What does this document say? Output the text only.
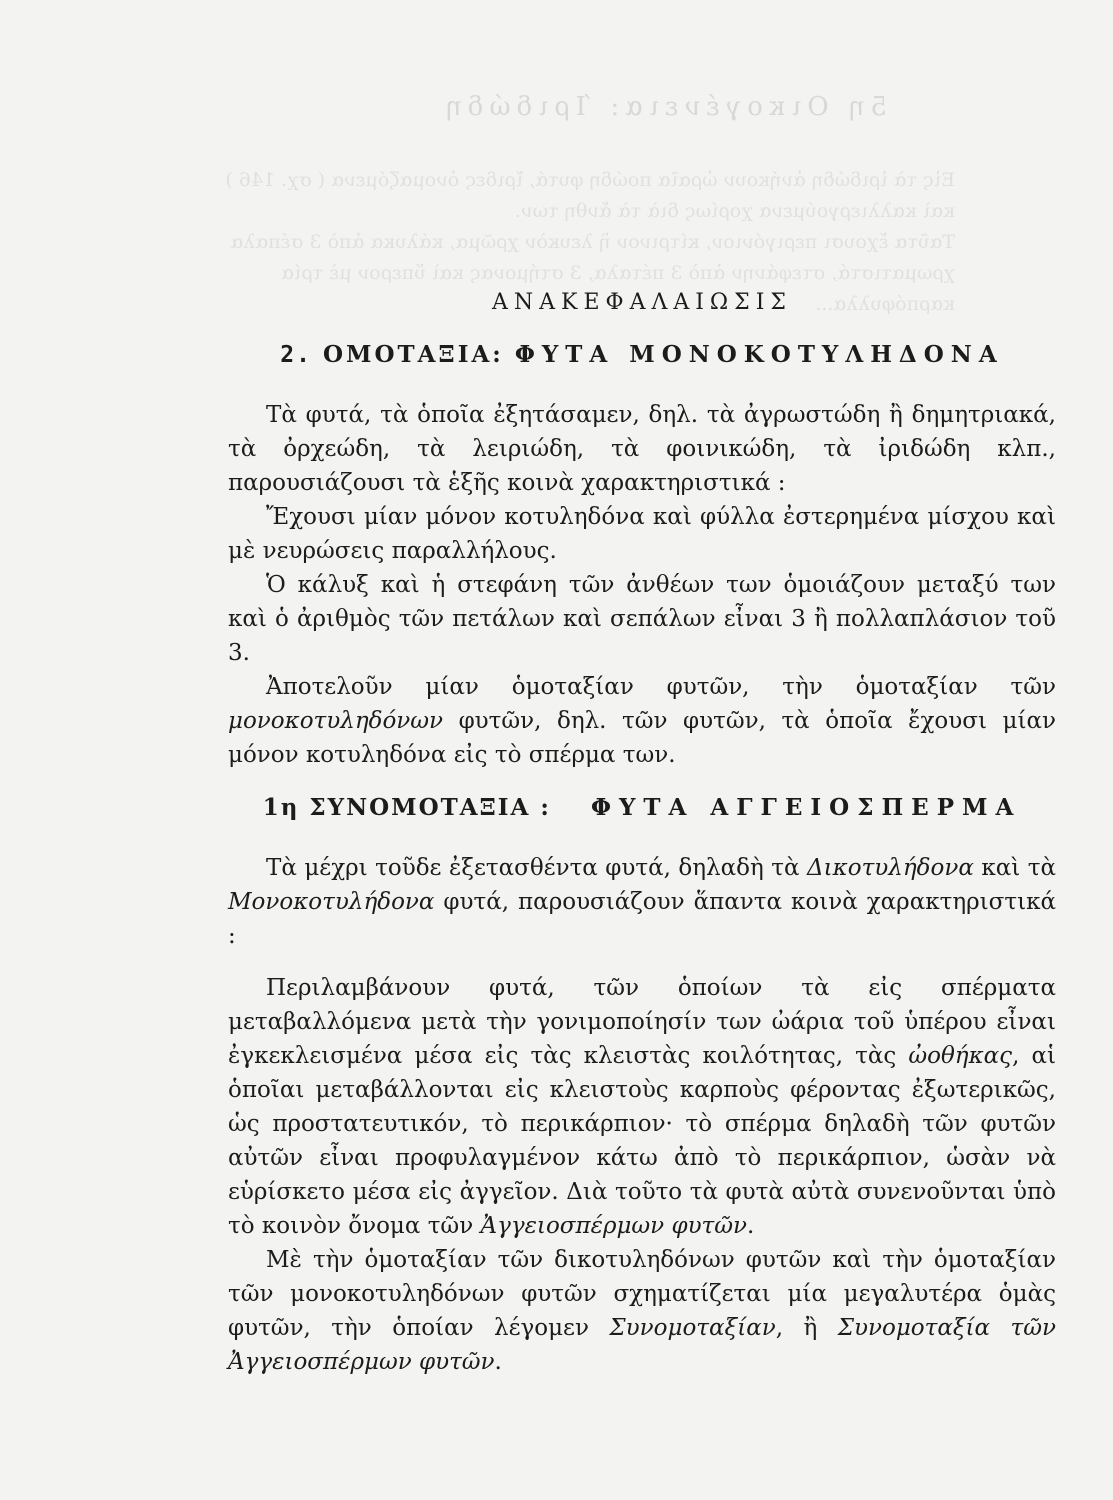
5η Οικογένεια: Ίριδώδη
Εἰς τὰ ἰριδώδη ἀνήκουν ὡραῖα ποώδη φυτά, ἴριδες ὀνομαζόμενα ( σχ. 146 ) καὶ καλλιεργούμενα χορίως διὰ τὰ ἄνθη των.
Ταῦτα ἔχουσι περιγόνιον, κίτρινον ἢ λευκὸν χρῶμα, κάλυκα ἀπὸ 3 σέπαλα χρωματιστά, στεφάνην ἀπὸ 3 πέταλα, 3 στήμονας καὶ ὕπερον μὲ τρία καρπόφυλλα...
ΑΝΑΚΕΦΑΛΑΙΩΣΙΣ
2. ΟΜΟΤΑΞΙΑ: ΦΥΤΑ ΜΟΝΟΚΟΤΥΛΗΔΟΝΑ

Τὰ φυτά, τὰ ὁποῖα ἐξητάσαμεν, δηλ. τὰ ἀγρωστώδη ἢ δημητριακά, τὰ ὀρχεώδη, τὰ λειριώδη, τὰ φοινικώδη, τὰ ἰριδώδη κλπ., παρουσιάζουσι τὰ ἑξῆς κοινὰ χαρακτηριστικά :

Ἔχουσι μίαν μόνον κοτυληδόνα καὶ φύλλα ἐστερημένα μίσχου καὶ μὲ νευρώσεις παραλλήλους.

Ὁ κάλυξ καὶ ἡ στεφάνη τῶν ἀνθέων των ὁμοιάζουν μεταξύ των καὶ ὁ ἀριθμὸς τῶν πετάλων καὶ σεπάλων εἶναι 3 ἢ πολλαπλάσιον τοῦ 3.

Ἀποτελοῦν μίαν ὁμοταξίαν φυτῶν, τὴν ὁμοταξίαν τῶν μονοκοτυληδόνων φυτῶν, δηλ. τῶν φυτῶν, τὰ ὁποῖα ἔχουσι μίαν μόνον κοτυληδόνα εἰς τὸ σπέρμα των.

1η ΣΥΝΟΜΟΤΑΞΙΑ : ΦΥΤΑ ΑΓΓΕΙΟΣΠΕΡΜΑ

Τὰ μέχρι τοῦδε ἐξετασθέντα φυτά, δηλαδὴ τὰ Δικοτυλήδονα καὶ τὰ Μονοκοτυλήδονα φυτά, παρουσιάζουν ἅπαντα κοινὰ χαρακτηριστικά :

Περιλαμβάνουν φυτά, τῶν ὁποίων τὰ εἰς σπέρματα μεταβαλλόμενα μετὰ τὴν γονιμοποίησίν των ὠάρια τοῦ ὑπέρου εἶναι ἐγκεκλεισμένα μέσα εἰς τὰς κλειστὰς κοιλότητας, τὰς ὠοθήκας, αἱ ὁποῖαι μεταβάλλονται εἰς κλειστοὺς καρποὺς φέροντας ἐξωτερικῶς, ὡς προστατευτικόν, τὸ περικάρπιον· τὸ σπέρμα δηλαδὴ τῶν φυτῶν αὐτῶν εἶναι προφυλαγμένον κάτω ἀπὸ τὸ περικάρπιον, ὡσὰν νὰ εὑρίσκετο μέσα εἰς ἀγγεῖον. Διὰ τοῦτο τὰ φυτὰ αὐτὰ συνενοῦνται ὑπὸ τὸ κοινὸν ὄνομα τῶν Ἀγγειοσπέρμων φυτῶν.

Μὲ τὴν ὁμοταξίαν τῶν δικοτυληδόνων φυτῶν καὶ τὴν ὁμοταξίαν τῶν μονοκοτυληδόνων φυτῶν σχηματίζεται μία μεγαλυτέρα ὁμὰς φυτῶν, τὴν ὁποίαν λέγομεν Συνομοταξίαν, ἢ Συνομοταξία τῶν Ἀγγειοσπέρμων φυτῶν.
